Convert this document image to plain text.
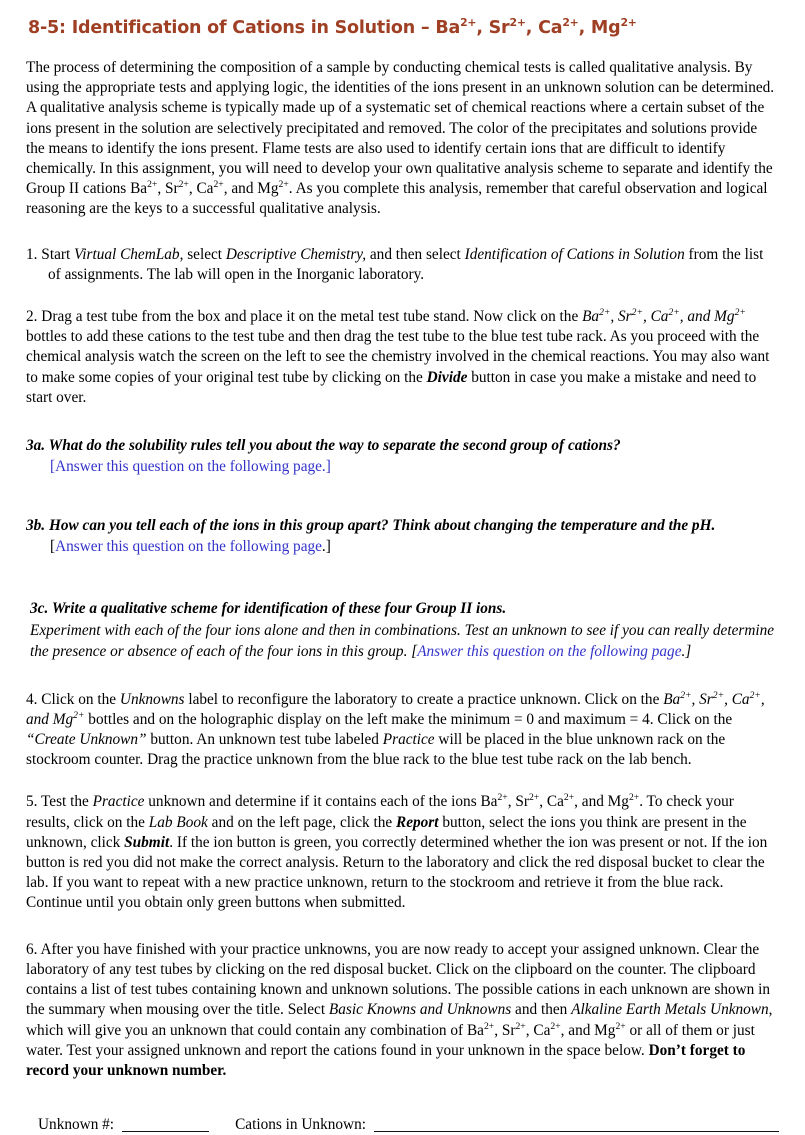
8-5: Identification of Cations in Solution – $Ba^{2+}$, $Sr^{2+}$, $Ca^{2+}$, $Mg^{2+}$

The process of determining the composition of a sample by conducting chemical tests is called qualitative analysis. By using the appropriate tests and applying logic, the identities of the ions present in an unknown solution can be determined. A qualitative analysis scheme is typically made up of a systematic set of chemical reactions where a certain subset of the ions present in the solution are selectively precipitated and removed. The color of the precipitates and solutions provide the means to identify the ions present. Flame tests are also used to identify certain ions that are difficult to identify chemically. In this assignment, you will need to develop your own qualitative analysis scheme to separate and identify the Group II cations $Ba^{2+}$, $Sr^{2+}$, $Ca^{2+}$, and $Mg^{2+}$. As you complete this analysis, remember that careful observation and logical reasoning are the keys to a successful qualitative analysis.

1. Start Virtual ChemLab, select Descriptive Chemistry, and then select Identification of Cations in Solution from the list of assignments. The lab will open in the Inorganic laboratory.

2. Drag a test tube from the box and place it on the metal test tube stand. Now click on the $Ba^{2+}$, $Sr^{2+}$, $Ca^{2+}$, and $Mg^{2+}$ bottles to add these cations to the test tube and then drag the test tube to the blue test tube rack. As you proceed with the chemical analysis watch the screen on the left to see the chemistry involved in the chemical reactions. You may also want to make some copies of your original test tube by clicking on the Divide button in case you make a mistake and need to start over.

3a. What do the solubility rules tell you about the way to separate the second group of cations?

[Answer this question on the following page.]

3b. How can you tell each of the ions in this group apart? Think about changing the temperature and the pH.

[Answer this question on the following page.]

3c. Write a qualitative scheme for identification of these four Group II ions.

Experiment with each of the four ions alone and then in combinations. Test an unknown to see if you can really determine the presence or absence of each of the four ions in this group. [Answer this question on the following page.]

4. Click on the Unknowns label to reconfigure the laboratory to create a practice unknown. Click on the $Ba^{2+}$, $Sr^{2+}$, $Ca^{2+}$, and $Mg^{2+}$ bottles and on the holographic display on the left make the minimum = 0 and maximum = 4. Click on the “Create Unknown” button. An unknown test tube labeled Practice will be placed in the blue unknown rack on the stockroom counter. Drag the practice unknown from the blue rack to the blue test tube rack on the lab bench.

5. Test the Practice unknown and determine if it contains each of the ions $Ba^{2+}$, $Sr^{2+}$, $Ca^{2+}$, and $Mg^{2+}$. To check your results, click on the Lab Book and on the left page, click the Report button, select the ions you think are present in the unknown, click Submit. If the ion button is green, you correctly determined whether the ion was present or not. If the ion button is red you did not make the correct analysis. Return to the laboratory and click the red disposal bucket to clear the lab. If you want to repeat with a new practice unknown, return to the stockroom and retrieve it from the blue rack. Continue until you obtain only green buttons when submitted.

6. After you have finished with your practice unknowns, you are now ready to accept your assigned unknown. Clear the laboratory of any test tubes by clicking on the red disposal bucket. Click on the clipboard on the counter. The clipboard contains a list of test tubes containing known and unknown solutions. The possible cations in each unknown are shown in the summary when mousing over the title. Select Basic Knowns and Unknowns and then Alkaline Earth Metals Unknown, which will give you an unknown that could contain any combination of $Ba^{2+}$, $Sr^{2+}$, $Ca^{2+}$, and $Mg^{2+}$ or all of them or just water. Test your assigned unknown and report the cations found in your unknown in the space below. Don’t forget to record your unknown number.

Unknown #:	Cations in Unknown:
